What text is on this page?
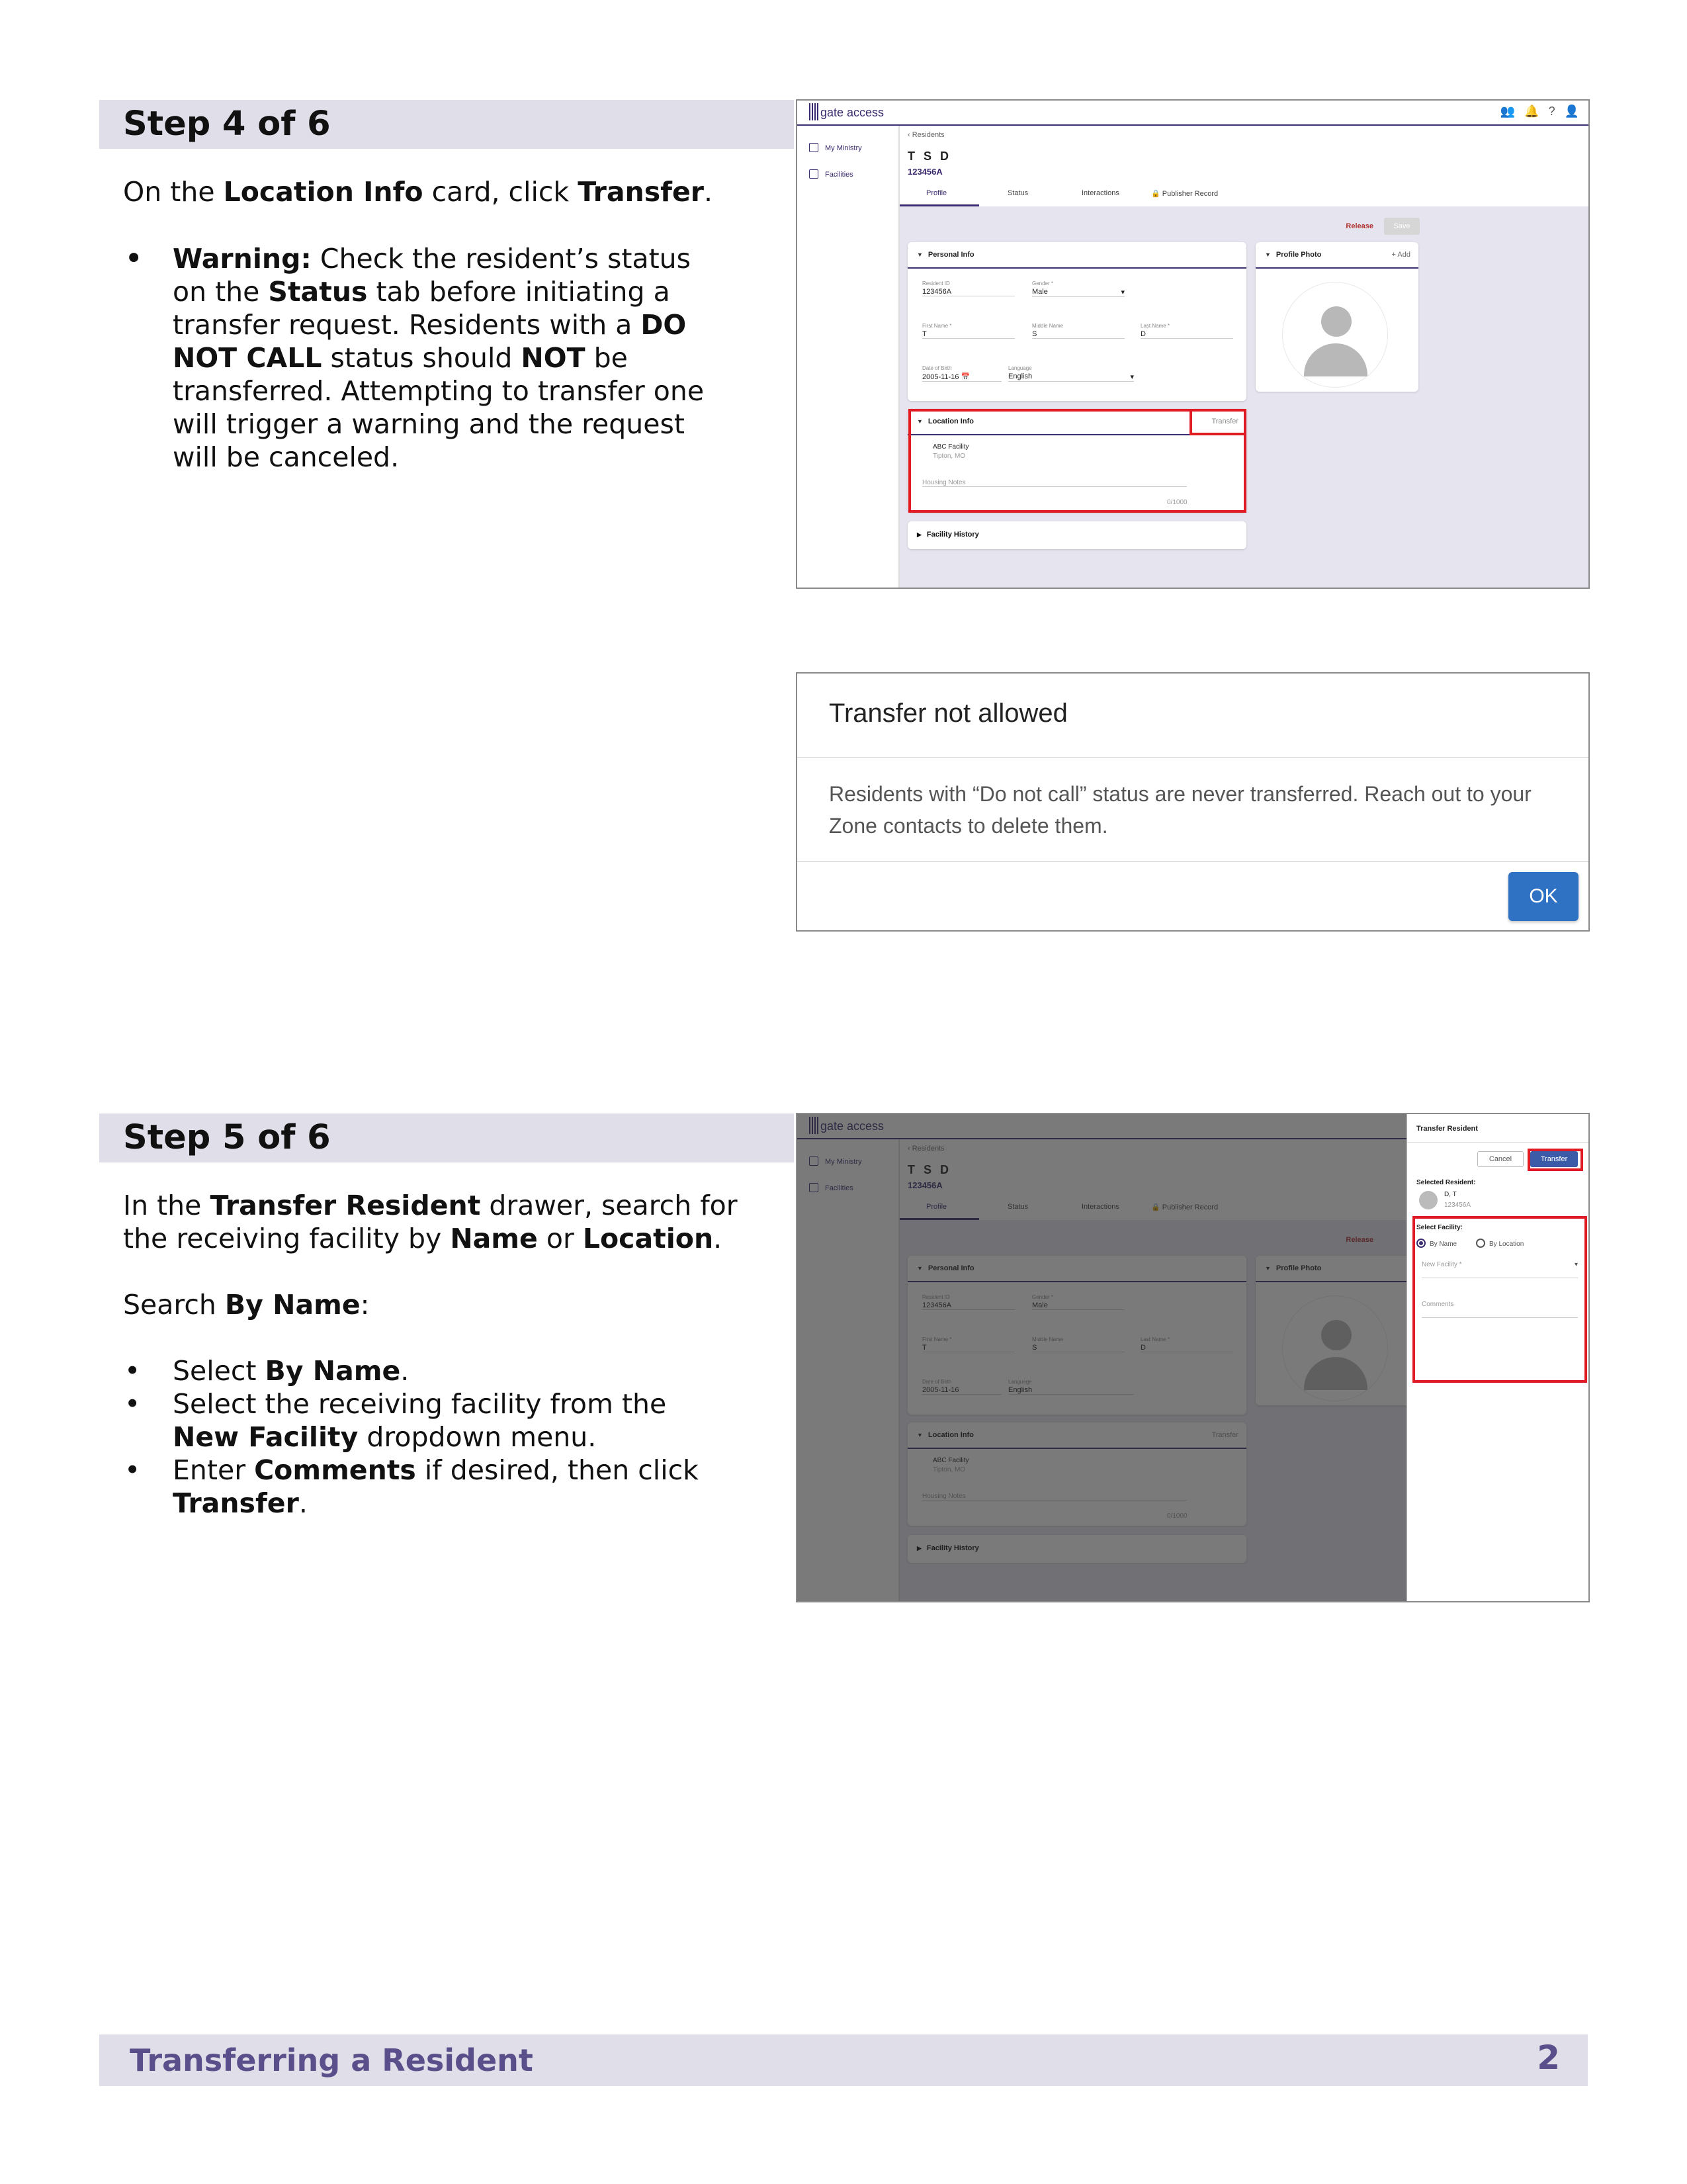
Step 4 of 6

On the Location Info card, click Transfer.

• Warning: Check the resident’s status on the Status tab before initiating a transfer request. Residents with a DO NOT CALL status should NOT be transferred. Attempting to transfer one will trigger a warning and the request will be canceled.
gate access	👥 🔔 ? 👤
My Ministry
Facilities
‹ Residents
T S D
123456A
Profile	Status	Interactions	🔒 Publisher Record
Release	Save
▼ Personal Info
Resident ID
123456A
Gender *
Male	▾
First Name *
T
Middle Name
S
Last Name *
D
Date of Birth
2005-11-16 📅
Language
English	▾
▼ Profile Photo	+ Add
▼ Location Info	Transfer
ABC Facility
Tipton, MO
Housing Notes
0/1000
▶ Facility History
Transfer not allowed
Residents with “Do not call” status are never transferred. Reach out to your Zone contacts to delete them.
OK
Step 5 of 6

In the Transfer Resident drawer, search for the receiving facility by Name or Location.

Search By Name:

• Select By Name.
• Select the receiving facility from the New Facility dropdown menu.
• Enter Comments if desired, then click Transfer.
Transfer Resident
Cancel	Transfer
Selected Resident:
D, T
123456A
Select Facility:
By Name	By Location
New Facility *	▾
Comments
Transferring a Resident	2
